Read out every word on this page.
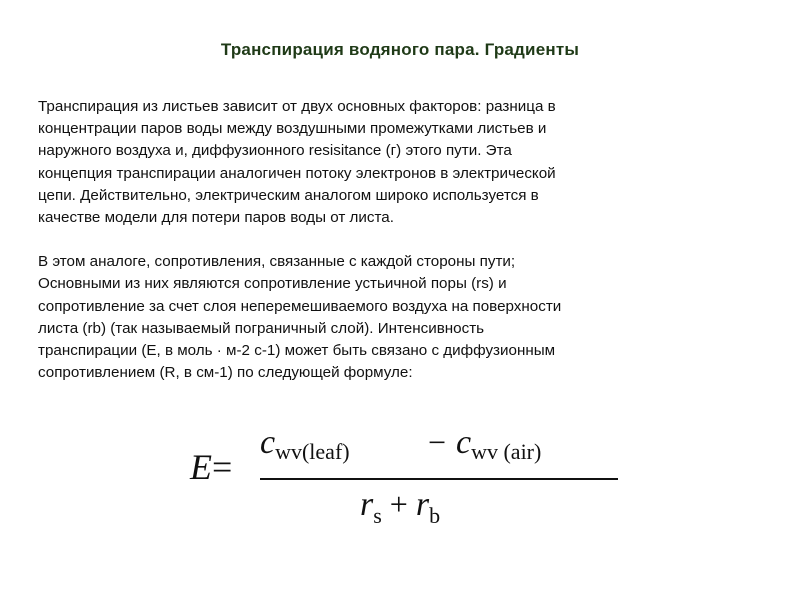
Транспирация водяного пара. Градиенты

Транспирация из листьев зависит от двух основных факторов: разница в
концентрации паров воды между воздушными промежутками листьев и
наружного воздуха и, диффузионного resisitance (г) этого пути. Эта
концепция транспирации аналогичен потоку электронов в электрической
цепи. Действительно, электрическим аналогом широко используется в
качестве модели для потери паров воды от листа.

В этом аналоге, сопротивления, связанные с каждой стороны пути;
Основными из них являются сопротивление устьичной поры (rs) и
сопротивление за счет слоя неперемешиваемого воздуха на поверхности
листа (rb) (так называемый пограничный слой). Интенсивность
транспирации (E, в моль · м-2 с-1) может быть связано с диффузионным
сопротивлением (R, в см-1) по следующей формуле:

E=
$c_{wv(leaf)} - c_{wv (air)}$
$r_s + r_b$
